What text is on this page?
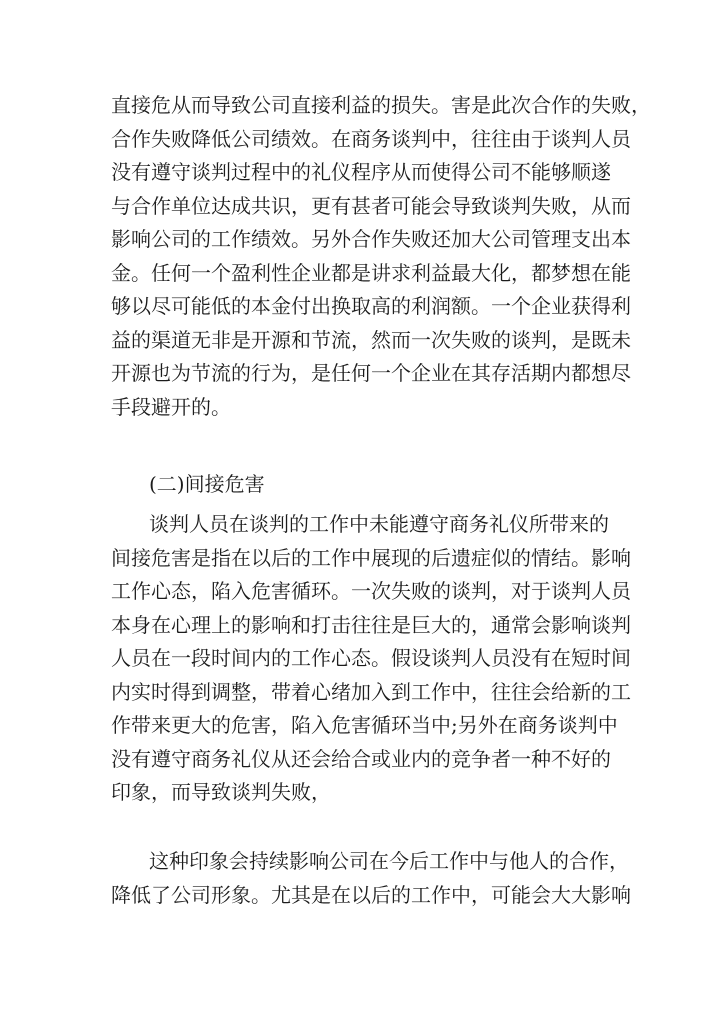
直接危从而导致公司直接利益的损失。害是此次合作的失败，
合作失败降低公司绩效。在商务谈判中，往往由于谈判人员
没有遵守谈判过程中的礼仪程序从而使得公司不能够顺遂
与合作单位达成共识，更有甚者可能会导致谈判失败，从而
影响公司的工作绩效。另外合作失败还加大公司管理支出本
金。任何一个盈利性企业都是讲求利益最大化，都梦想在能
够以尽可能低的本金付出换取高的利润额。一个企业获得利
益的渠道无非是开源和节流，然而一次失败的谈判，是既未
开源也为节流的行为，是任何一个企业在其存活期内都想尽
手段避开的。
(二)间接危害
谈判人员在谈判的工作中未能遵守商务礼仪所带来的
间接危害是指在以后的工作中展现的后遗症似的情结。影响
工作心态，陷入危害循环。一次失败的谈判，对于谈判人员
本身在心理上的影响和打击往往是巨大的，通常会影响谈判
人员在一段时间内的工作心态。假设谈判人员没有在短时间
内实时得到调整，带着心绪加入到工作中，往往会给新的工
作带来更大的危害，陷入危害循环当中;另外在商务谈判中
没有遵守商务礼仪从还会给合或业内的竞争者一种不好的
印象，而导致谈判失败，
这种印象会持续影响公司在今后工作中与他人的合作，
降低了公司形象。尤其是在以后的工作中，可能会大大影响
